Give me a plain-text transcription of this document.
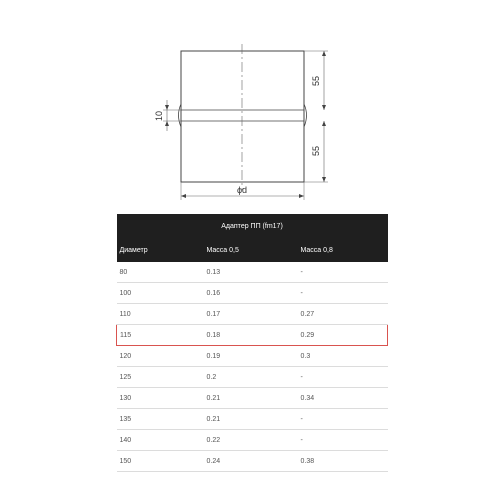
55
55
10
ϕd
Адаптер ПП (fm17)		
Диаметр	Масса 0,5	Масса 0,8
80	0.13	-
100	0.16	-
110	0.17	0.27
115	0.18	0.29
120	0.19	0.3
125	0.2	-
130	0.21	0.34
135	0.21	-
140	0.22	-
150	0.24	0.38
